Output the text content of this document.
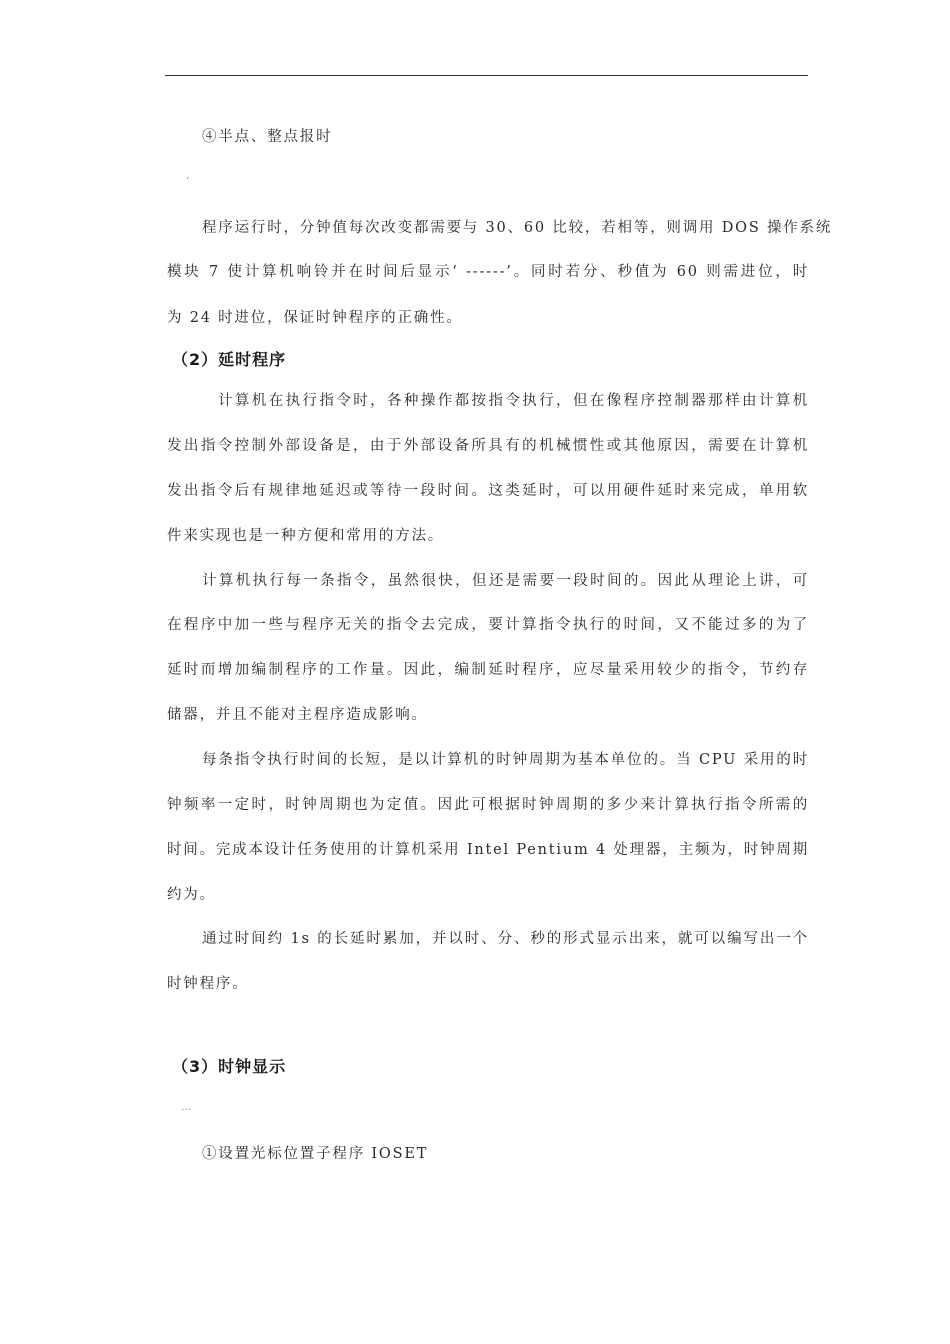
④半点、整点报时
‘
程序运行时，分钟值每次改变都需要与 30、60 比较，若相等，则调用 DOS 操作系统
模块 7 使计算机响铃并在时间后显示‘ ------’。同时若分、秒值为 60 则需进位，时
为 24 时进位，保证时钟程序的正确性。
（2）延时程序
计算机在执行指令时，各种操作都按指令执行，但在像程序控制器那样由计算机
发出指令控制外部设备是，由于外部设备所具有的机械惯性或其他原因，需要在计算机
发出指令后有规律地延迟或等待一段时间。这类延时，可以用硬件延时来完成，单用软
件来实现也是一种方便和常用的方法。
计算机执行每一条指令，虽然很快，但还是需要一段时间的。因此从理论上讲，可
在程序中加一些与程序无关的指令去完成，要计算指令执行的时间，又不能过多的为了
延时而增加编制程序的工作量。因此，编制延时程序，应尽量采用较少的指令，节约存
储器，并且不能对主程序造成影响。
每条指令执行时间的长短，是以计算机的时钟周期为基本单位的。当 CPU 采用的时
钟频率一定时，时钟周期也为定值。因此可根据时钟周期的多少来计算执行指令所需的
时间。完成本设计任务使用的计算机采用 Intel Pentium 4 处理器，主频为，时钟周期
约为。
通过时间约 1s 的长延时累加，并以时、分、秒的形式显示出来，就可以编写出一个
时钟程序。
（3）时钟显示
…
①设置光标位置子程序 IOSET
